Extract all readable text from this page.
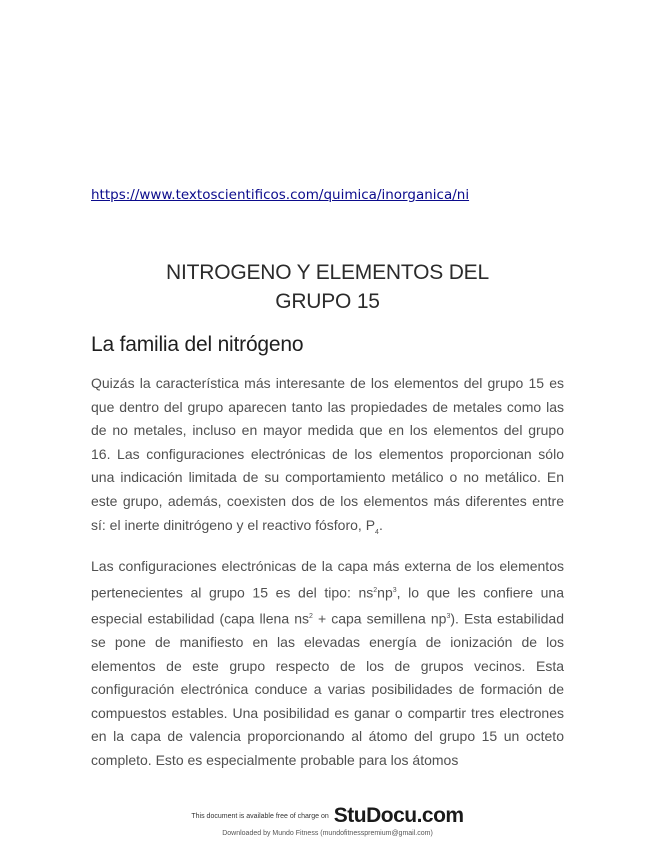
https://www.textoscientificos.com/quimica/inorganica/ni
NITROGENO Y ELEMENTOS DEL
GRUPO 15
La familia del nitrógeno
Quizás la característica más interesante de los elementos del grupo 15 es que dentro del grupo aparecen tanto las propiedades de metales como las de no metales, incluso en mayor medida que en los elementos del grupo 16. Las configuraciones electrónicas de los elementos proporcionan sólo una indicación limitada de su comportamiento metálico o no metálico. En este grupo, además, coexisten dos de los elementos más diferentes entre sí: el inerte dinitrógeno y el reactivo fósforo, $P_4$.
Las configuraciones electrónicas de la capa más externa de los elementos pertenecientes al grupo 15 es del tipo: $ns^2np^3$, lo que les confiere una especial estabilidad (capa llena $ns^2$ + capa semillena $np^3$). Esta estabilidad se pone de manifiesto en las elevadas energía de ionización de los elementos de este grupo respecto de los de grupos vecinos. Esta configuración electrónica conduce a varias posibilidades de formación de compuestos estables. Una posibilidad es ganar o compartir tres electrones en la capa de valencia proporcionando al átomo del grupo 15 un octeto completo. Esto es especialmente probable para los átomos
This document is available free of charge on StuDocu.com
Downloaded by Mundo Fitness (mundofitnesspremium@gmail.com)
